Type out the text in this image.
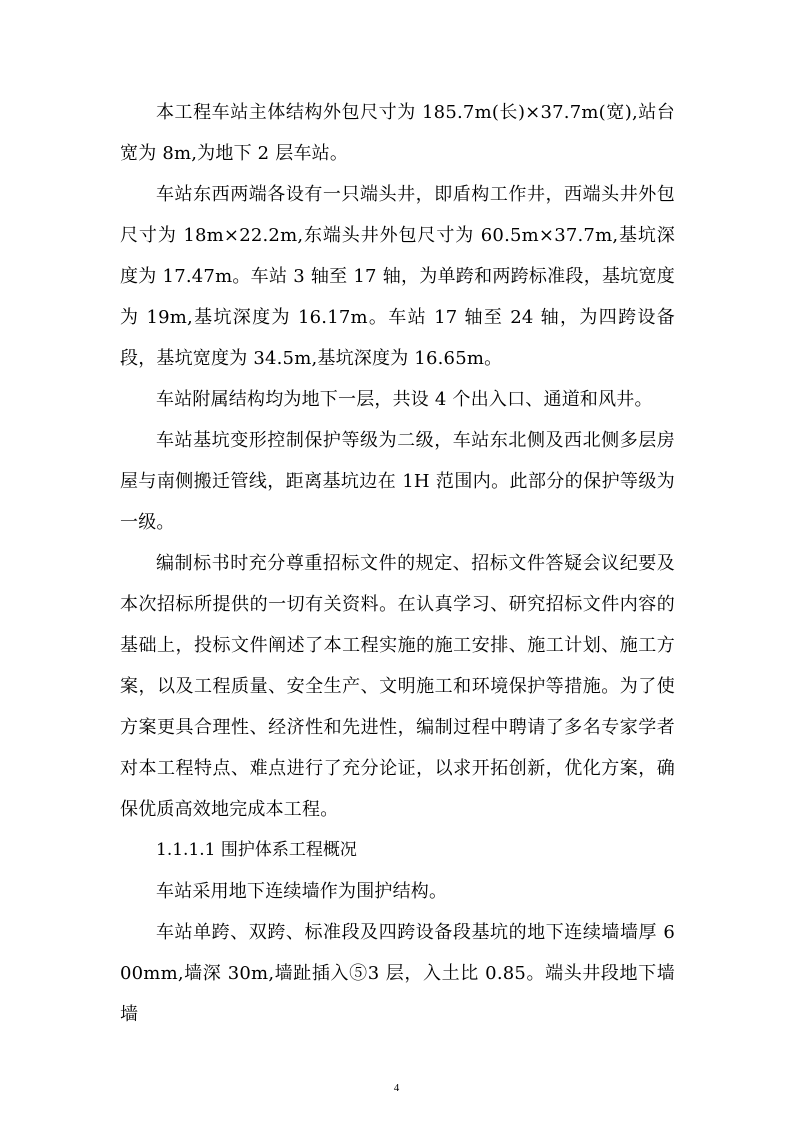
本工程车站主体结构外包尺寸为 185.7m(长)×37.7m(宽),站台宽为 8m,为地下 2 层车站。

车站东西两端各设有一只端头井，即盾构工作井，西端头井外包尺寸为 18m×22.2m,东端头井外包尺寸为 60.5m×37.7m,基坑深度为 17.47m。车站 3 轴至 17 轴，为单跨和两跨标准段，基坑宽度为 19m,基坑深度为 16.17m。车站 17 轴至 24 轴，为四跨设备段，基坑宽度为 34.5m,基坑深度为 16.65m。

车站附属结构均为地下一层，共设 4 个出入口、通道和风井。

车站基坑变形控制保护等级为二级，车站东北侧及西北侧多层房屋与南侧搬迁管线，距离基坑边在 1H 范围内。此部分的保护等级为一级。

编制标书时充分尊重招标文件的规定、招标文件答疑会议纪要及本次招标所提供的一切有关资料。在认真学习、研究招标文件内容的基础上，投标文件阐述了本工程实施的施工安排、施工计划、施工方案，以及工程质量、安全生产、文明施工和环境保护等措施。为了使方案更具合理性、经济性和先进性，编制过程中聘请了多名专家学者对本工程特点、难点进行了充分论证，以求开拓创新，优化方案，确保优质高效地完成本工程。

1.1.1.1 围护体系工程概况

车站采用地下连续墙作为围护结构。

车站单跨、双跨、标准段及四跨设备段基坑的地下连续墙墙厚 600mm,墙深 30m,墙趾插入⑤3 层，入土比 0.85。端头井段地下墙墙

4
